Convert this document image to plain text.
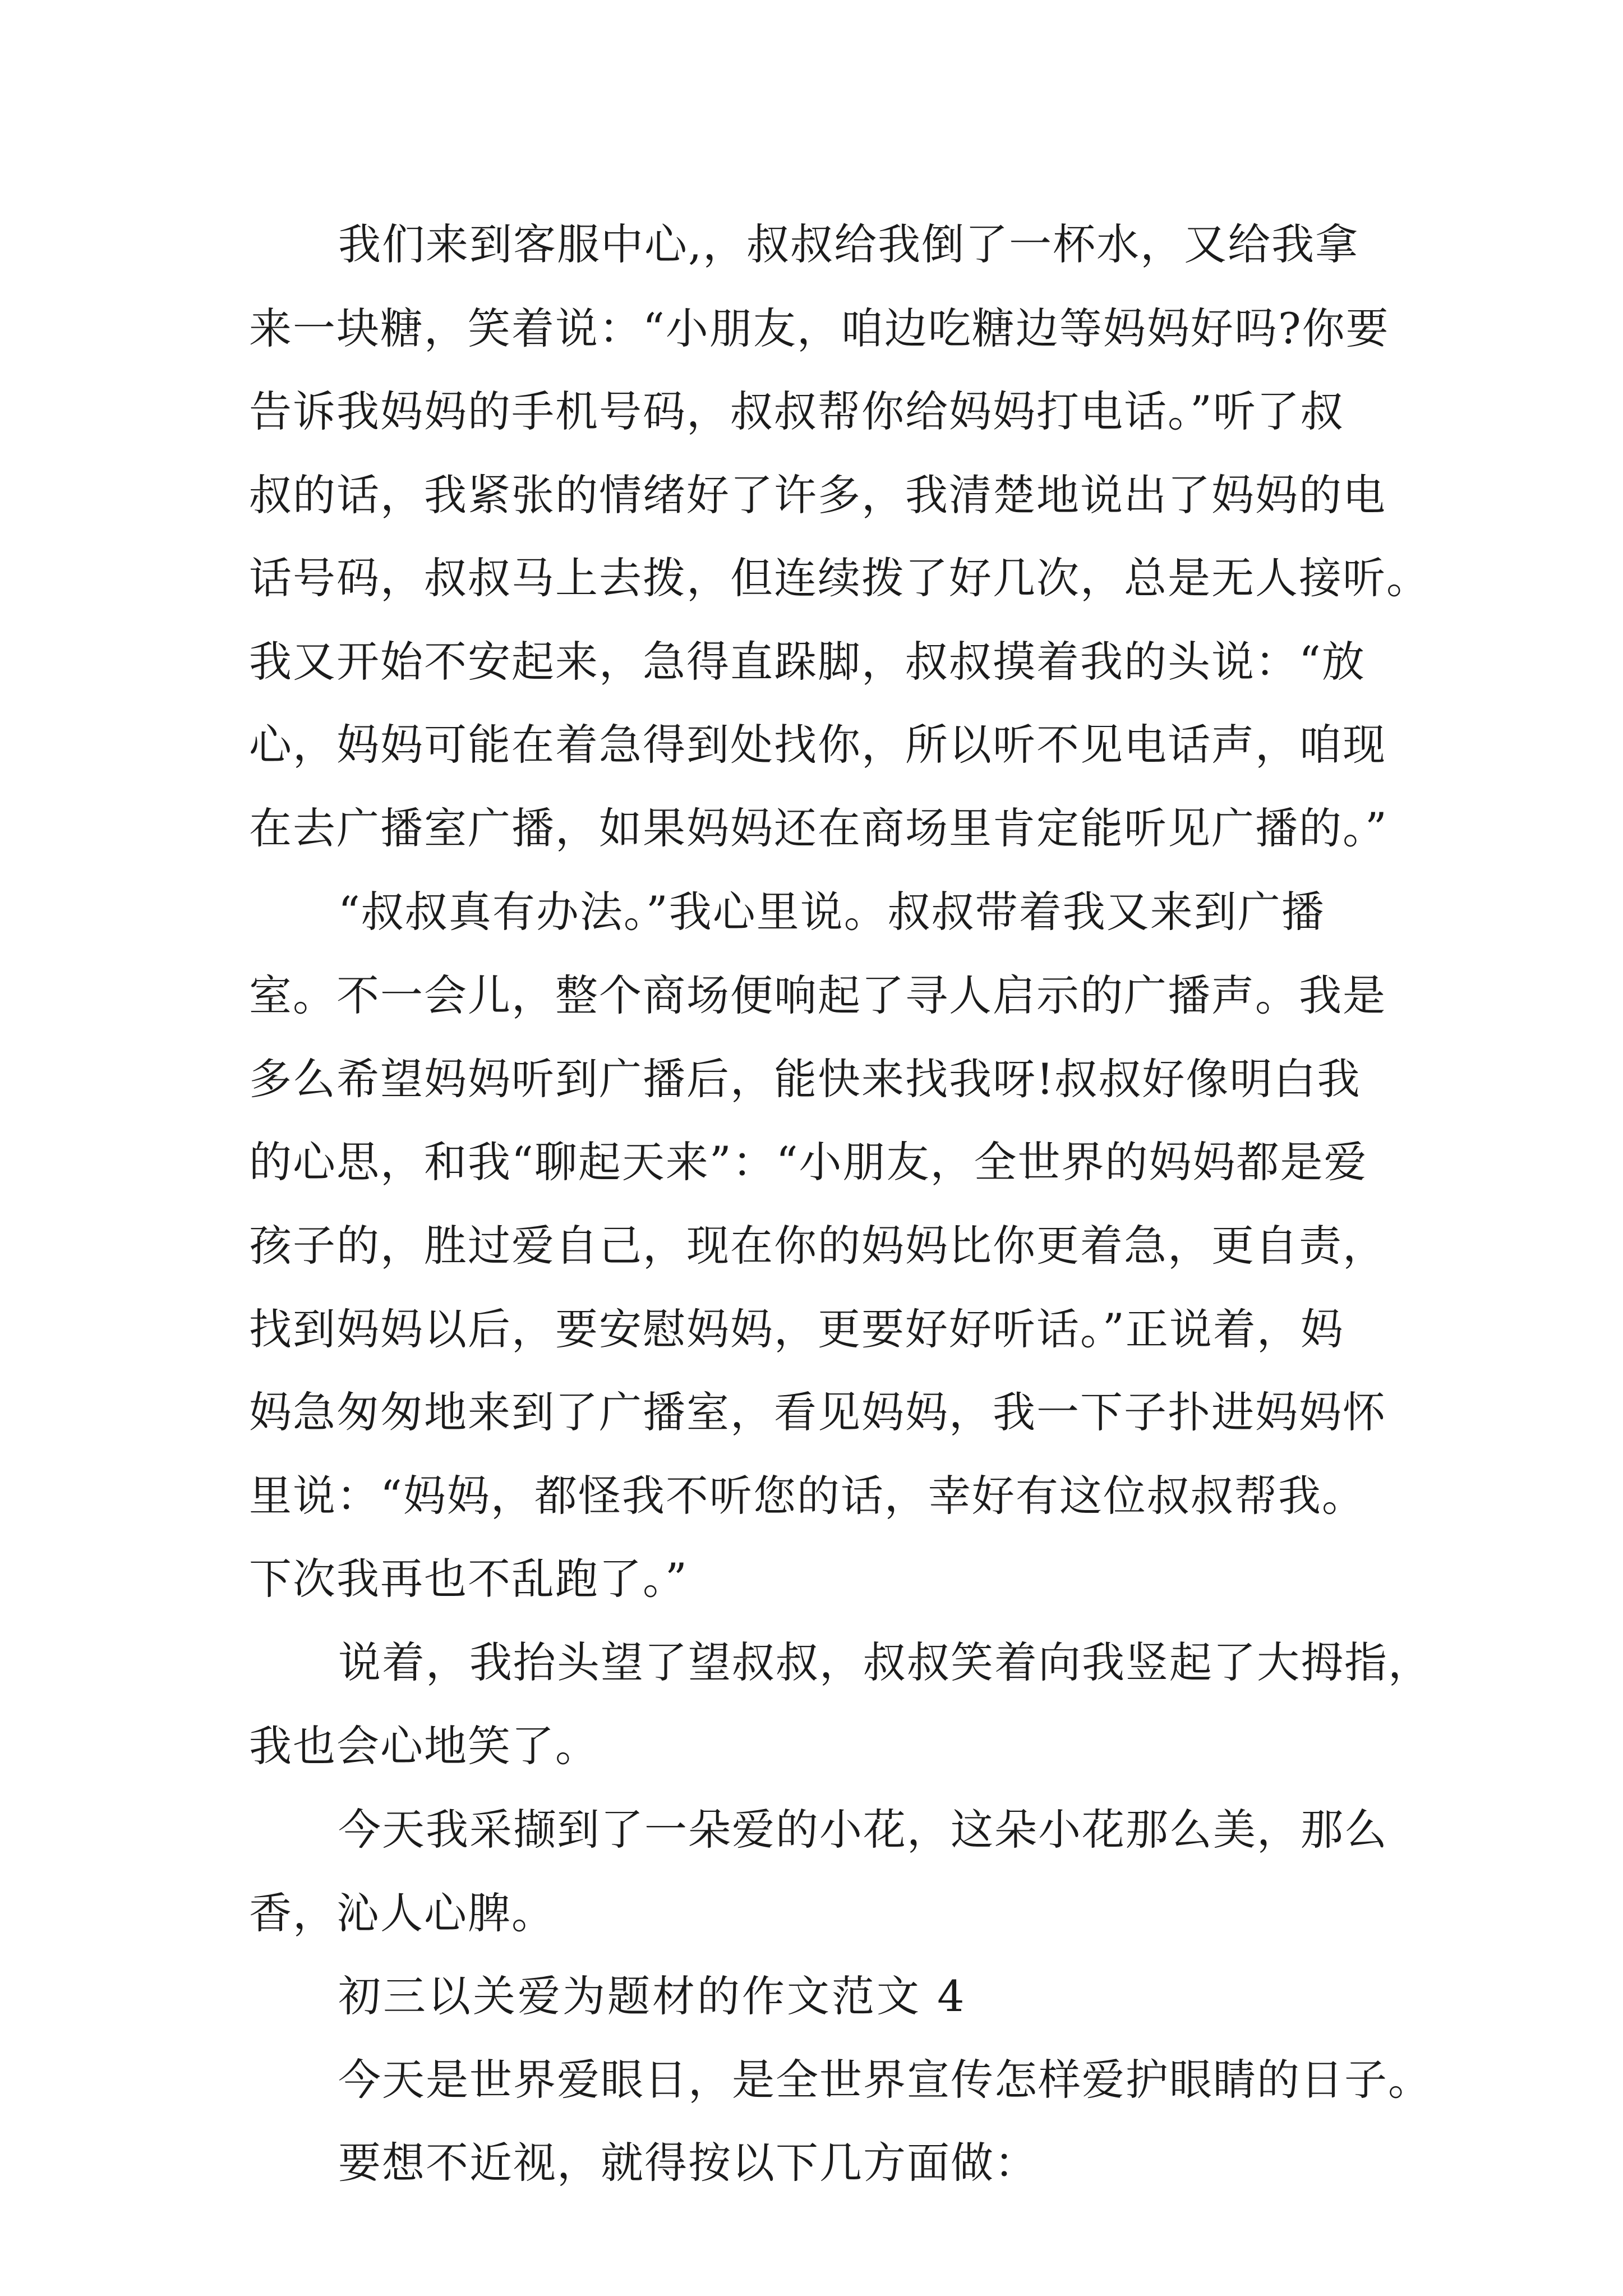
我们来到客服中心,，叔叔给我倒了一杯水，又给我拿
来一块糖，笑着说：“小朋友，咱边吃糖边等妈妈好吗?你要
告诉我妈妈的手机号码，叔叔帮你给妈妈打电话。”听了叔
叔的话，我紧张的情绪好了许多，我清楚地说出了妈妈的电
话号码，叔叔马上去拨，但连续拨了好几次，总是无人接听。
我又开始不安起来，急得直跺脚，叔叔摸着我的头说：“放
心，妈妈可能在着急得到处找你，所以听不见电话声，咱现
在去广播室广播，如果妈妈还在商场里肯定能听见广播的。”
“叔叔真有办法。”我心里说。叔叔带着我又来到广播
室。不一会儿，整个商场便响起了寻人启示的广播声。我是
多么希望妈妈听到广播后，能快来找我呀!叔叔好像明白我
的心思，和我“聊起天来”：“小朋友，全世界的妈妈都是爱
孩子的，胜过爱自己，现在你的妈妈比你更着急，更自责，
找到妈妈以后，要安慰妈妈，更要好好听话。”正说着，妈
妈急匆匆地来到了广播室，看见妈妈，我一下子扑进妈妈怀
里说：“妈妈，都怪我不听您的话，幸好有这位叔叔帮我。
下次我再也不乱跑了。”
说着，我抬头望了望叔叔，叔叔笑着向我竖起了大拇指，
我也会心地笑了。
今天我采撷到了一朵爱的小花，这朵小花那么美，那么
香，沁人心脾。
初三以关爱为题材的作文范文 4
今天是世界爱眼日，是全世界宣传怎样爱护眼睛的日子。
要想不近视，就得按以下几方面做：
